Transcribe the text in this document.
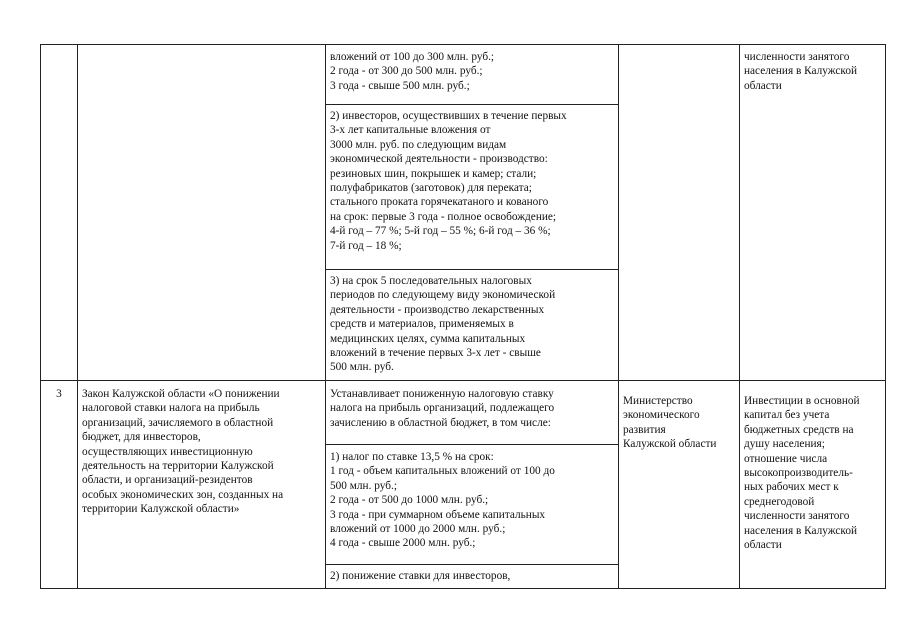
вложений от 100 до 300 млн. руб.;
2 года - от 300 до 500 млн. руб.;
3 года - свыше 500 млн. руб.;
2) инвесторов, осуществивших в течение первых
3-х лет капитальные вложения от
3000 млн. руб. по следующим видам
экономической деятельности - производство:
резиновых шин, покрышек и камер; стали;
полуфабрикатов (заготовок) для переката;
стального проката горячекатаного и кованого
на срок: первые 3 года - полное освобождение;
4-й год – 77 %; 5-й год – 55 %; 6-й год – 36 %;
7-й год – 18 %;
3) на срок 5 последовательных налоговых
периодов по следующему виду экономической
деятельности - производство лекарственных
средств и материалов, применяемых в
медицинских целях, сумма капитальных
вложений в течение первых 3-х лет - свыше
500 млн. руб.
численности занятого
населения в Калужской
области
3	Закон Калужской области «О понижении
налоговой ставки налога на прибыль
организаций, зачисляемого в областной
бюджет, для инвесторов,
осуществляющих инвестиционную
деятельность на территории Калужской
области, и организаций-резидентов
особых экономических зон, созданных на
территории Калужской области»
Устанавливает пониженную налоговую ставку
налога на прибыль организаций, подлежащего
зачислению в областной бюджет, в том числе:
1) налог по ставке 13,5 % на срок:
1 год - объем капитальных вложений от 100 до
500 млн. руб.;
2 года - от 500 до 1000 млн. руб.;
3 года - при суммарном объеме капитальных
вложений от 1000 до 2000 млн. руб.;
4 года - свыше 2000 млн. руб.;
2) понижение ставки для инвесторов,
Министерство
экономического
развития
Калужской области
Инвестиции в основной
капитал без учета
бюджетных средств на
душу населения;
отношение числа
высокопроизводитель-
ных рабочих мест к
среднегодовой
численности занятого
населения в Калужской
области
